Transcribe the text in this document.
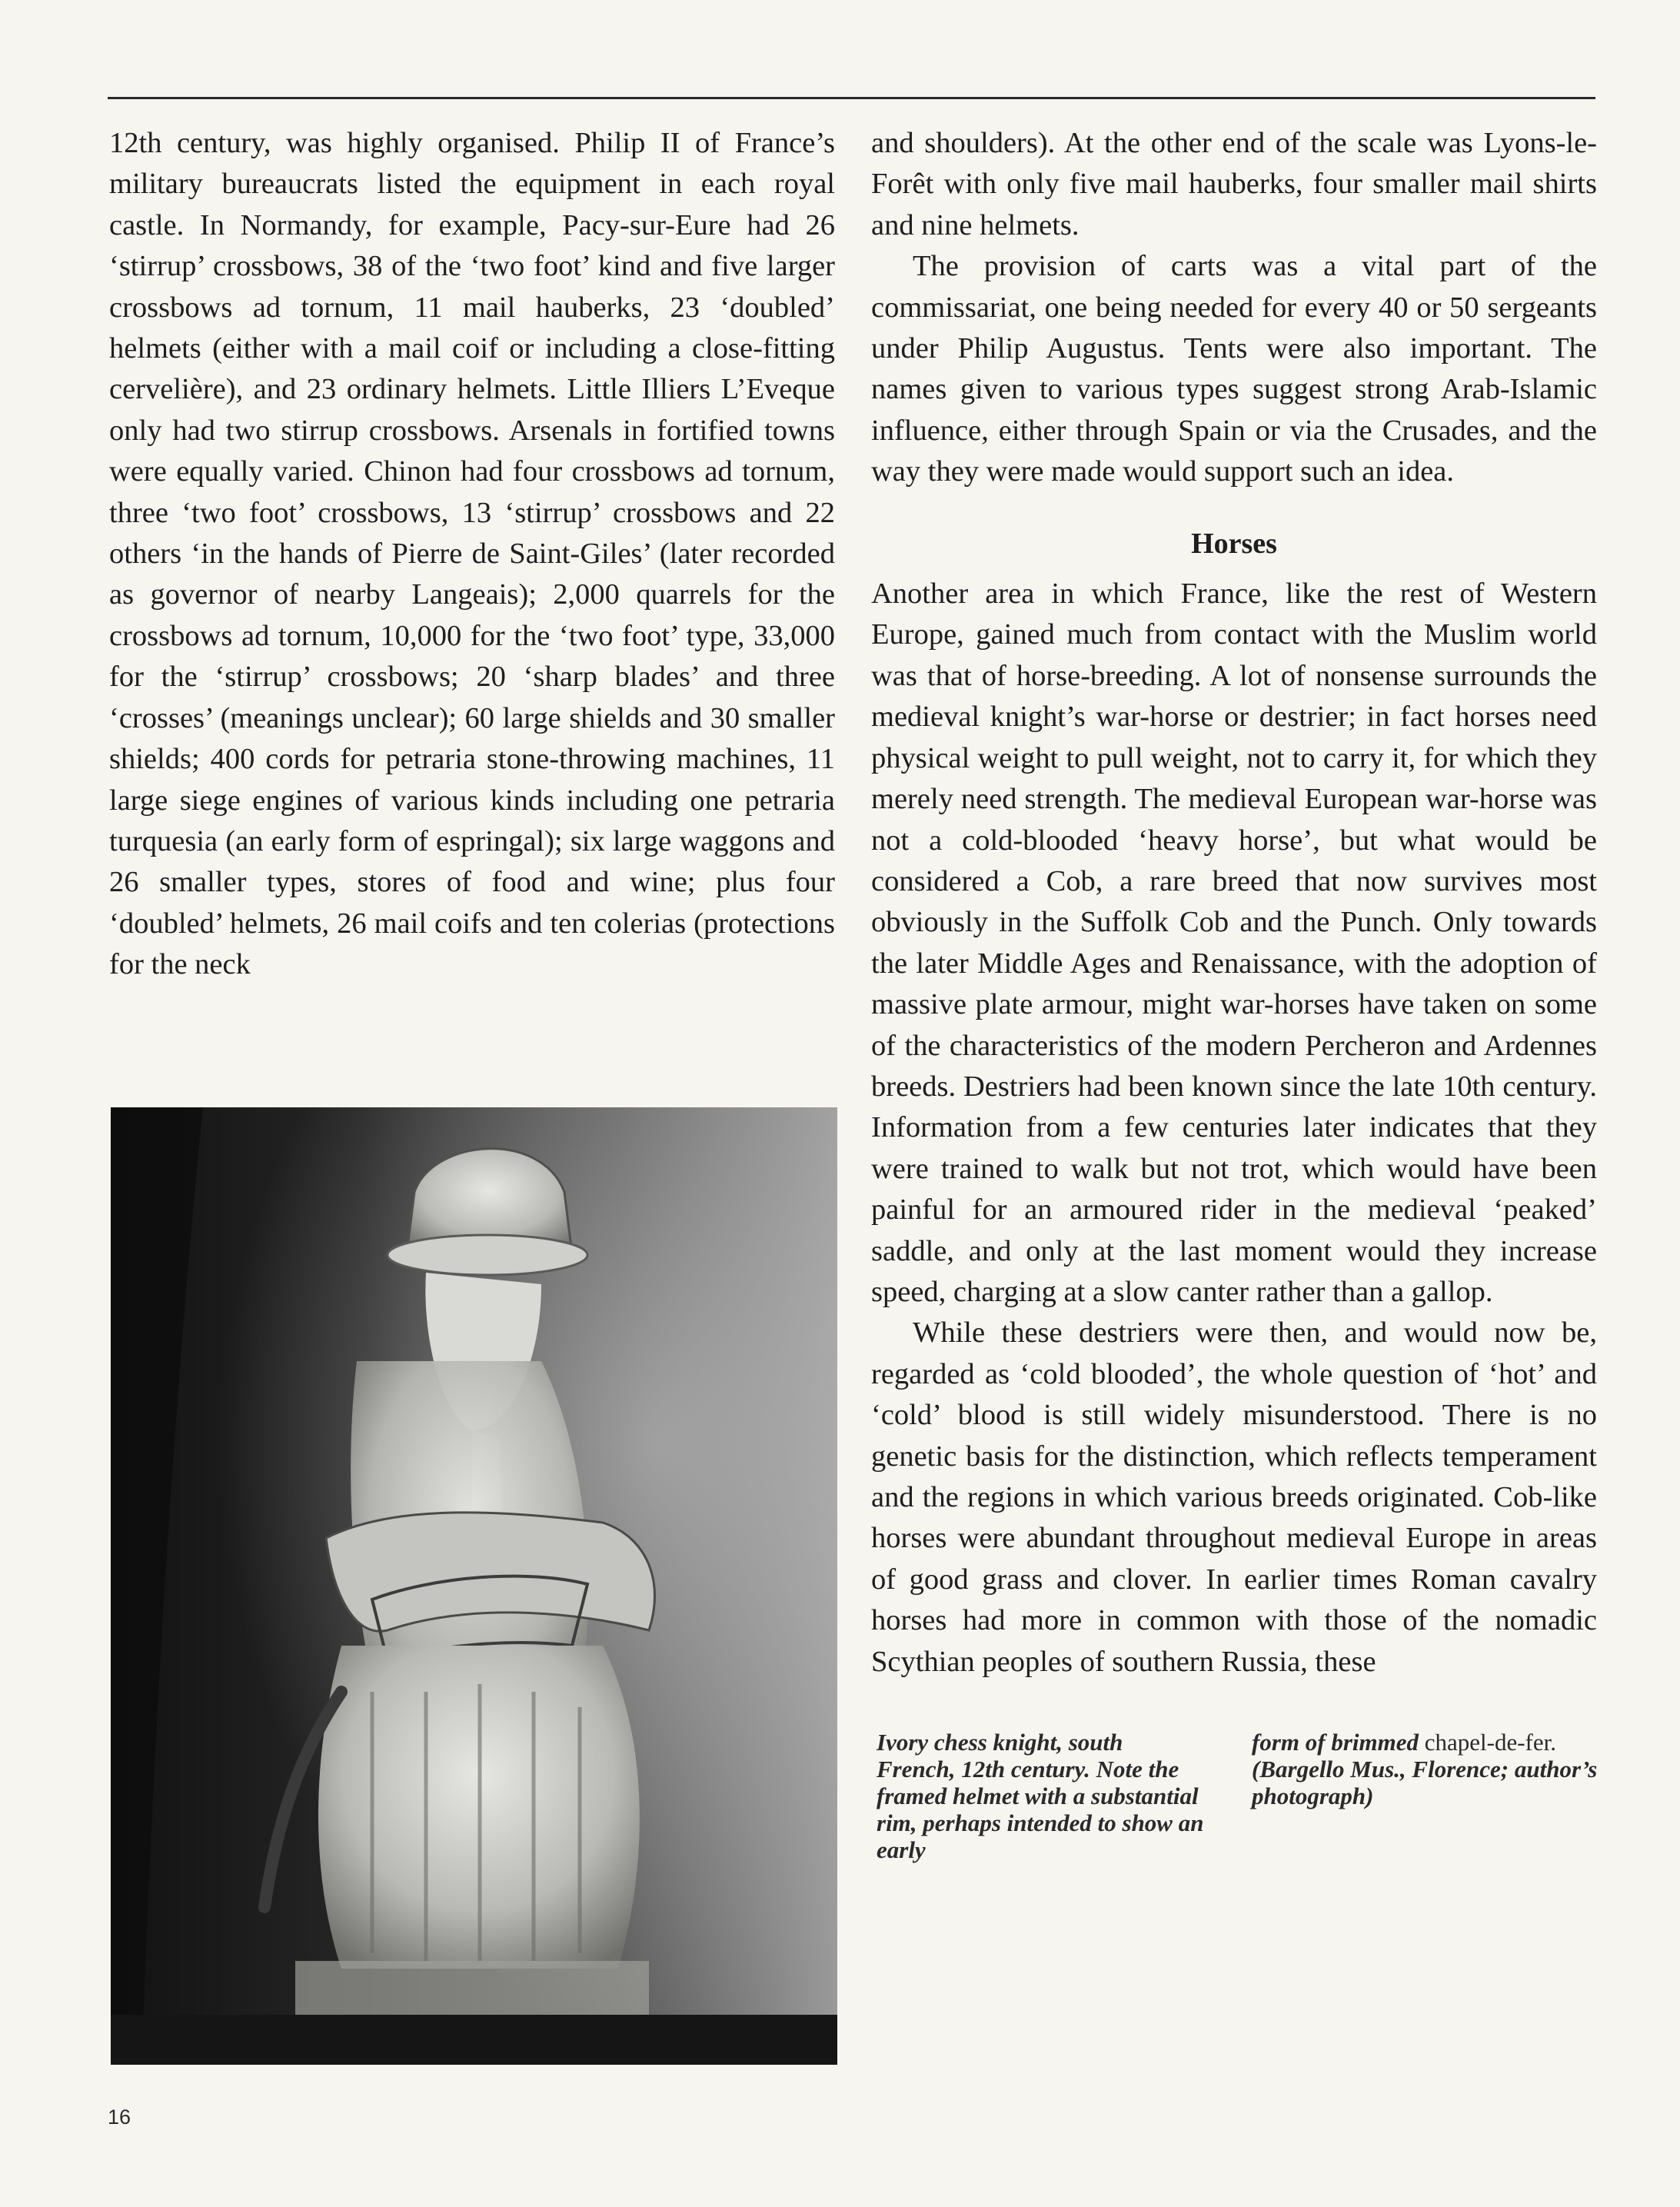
12th century, was highly organised. Philip II of France’s military bureaucrats listed the equipment in each royal castle. In Normandy, for example, Pacy-sur-Eure had 26 ‘stirrup’ crossbows, 38 of the ‘two foot’ kind and five larger crossbows ad tornum, 11 mail hauberks, 23 ‘doubled’ helmets (either with a mail coif or including a close-fitting cervelière), and 23 ordinary helmets. Little Illiers L’Eveque only had two stirrup crossbows. Arsenals in fortified towns were equally varied. Chinon had four crossbows ad tornum, three ‘two foot’ crossbows, 13 ‘stirrup’ crossbows and 22 others ‘in the hands of Pierre de Saint-Giles’ (later recorded as governor of nearby Langeais); 2,000 quarrels for the crossbows ad tornum, 10,000 for the ‘two foot’ type, 33,000 for the ‘stirrup’ crossbows; 20 ‘sharp blades’ and three ‘crosses’ (meanings unclear); 60 large shields and 30 smaller shields; 400 cords for petraria stone-throwing machines, 11 large siege engines of various kinds including one petraria turquesia (an early form of espringal); six large waggons and 26 smaller types, stores of food and wine; plus four ‘doubled’ helmets, 26 mail coifs and ten colerias (protections for the neck

and shoulders). At the other end of the scale was Lyons-le-Forêt with only five mail hauberks, four smaller mail shirts and nine helmets.

The provision of carts was a vital part of the commissariat, one being needed for every 40 or 50 sergeants under Philip Augustus. Tents were also important. The names given to various types suggest strong Arab-Islamic influence, either through Spain or via the Crusades, and the way they were made would support such an idea.

Horses

Another area in which France, like the rest of Western Europe, gained much from contact with the Muslim world was that of horse-breeding. A lot of nonsense surrounds the medieval knight’s war-horse or destrier; in fact horses need physical weight to pull weight, not to carry it, for which they merely need strength. The medieval European war-horse was not a cold-blooded ‘heavy horse’, but what would be considered a Cob, a rare breed that now survives most obviously in the Suffolk Cob and the Punch. Only towards the later Middle Ages and Renaissance, with the adoption of massive plate armour, might war-horses have taken on some of the characteristics of the modern Percheron and Ardennes breeds. Destriers had been known since the late 10th century. Information from a few centuries later indicates that they were trained to walk but not trot, which would have been painful for an armoured rider in the medieval ‘peaked’ saddle, and only at the last moment would they increase speed, charging at a slow canter rather than a gallop.

While these destriers were then, and would now be, regarded as ‘cold blooded’, the whole question of ‘hot’ and ‘cold’ blood is still widely misunderstood. There is no genetic basis for the distinction, which reflects temperament and the regions in which various breeds originated. Cob-like horses were abundant throughout medieval Europe in areas of good grass and clover. In earlier times Roman cavalry horses had more in common with those of the nomadic Scythian peoples of southern Russia, these

Ivory chess knight, south French, 12th century. Note the framed helmet with a substantial rim, perhaps intended to show an early
form of brimmed chapel-de-fer. (Bargello Mus., Florence; author’s photograph)
16
